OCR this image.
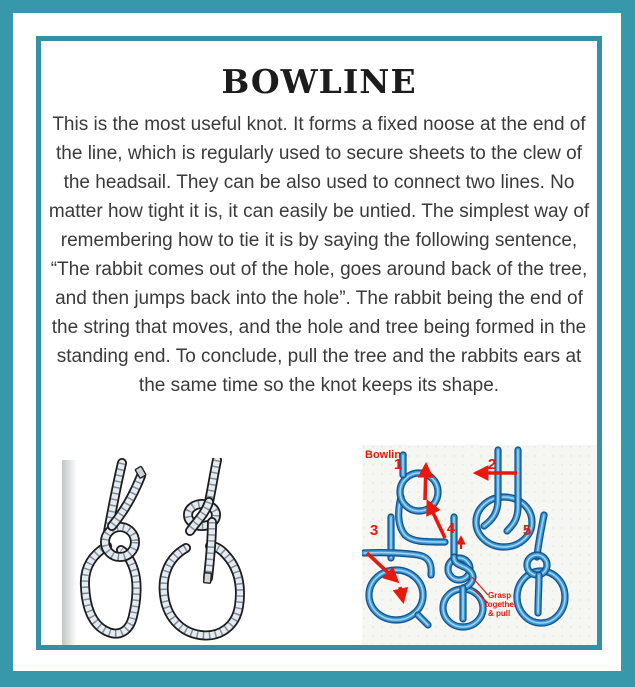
BOWLINE

This is the most useful knot. It forms a fixed noose at the end of the line, which is regularly used to secure sheets to the clew of the headsail. They can be also used to connect two lines. No matter how tight it is, it can easily be untied. The simplest way of remembering how to tie it is by saying the following sentence, “The rabbit comes out of the hole, goes around back of the tree, and then jumps back into the hole”. The rabbit being the end of the string that moves, and the hole and tree being formed in the standing end. To conclude, pull the tree and the rabbits ears at the same time so the knot keeps its shape.

Bowline
1	2
3
Grasp
together
& pull
4	5
